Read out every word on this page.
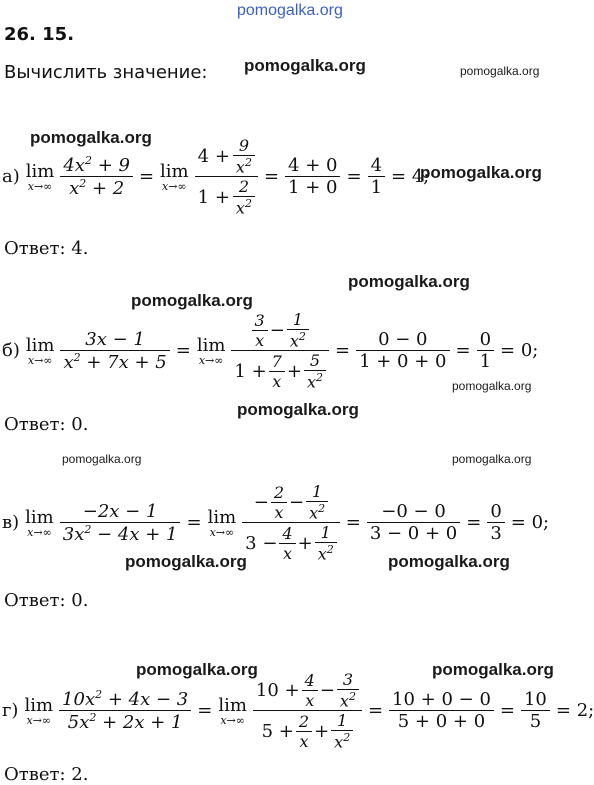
pomogalka.org
pomogalka.org	pomogalka.org
pomogalka.org
pomogalka.org
pomogalka.org
pomogalka.org
pomogalka.org
pomogalka.org
pomogalka.org	pomogalka.org
pomogalka.org	pomogalka.org
pomogalka.org	pomogalka.org
26. 15.
Вычислить значение:
а) lim
$x\to\infty \frac{4x^2 + 9}{x^2 + 2} = \lim$
$x\to\infty \frac{4 + \frac{9}{x^2}}{1 + \frac{2}{x^2}} = \frac{4 + 0}{1 + 0} = \frac{4}{1} = 4$;
Ответ: 4.
б) lim
$x\to\infty \frac{3x - 1}{x^2 + 7x + 5} = \lim$
$x\to\infty \frac{\frac{3}{x} - \frac{1}{x^2}}{1 + \frac{7}{x} + \frac{5}{x^2}} = \frac{0 - 0}{1 + 0 + 0} = \frac{0}{1} = 0$;
Ответ: 0.
в) lim
$x\to\infty \frac{-2x - 1}{3x^2 - 4x + 1} = \lim$
$x\to\infty \frac{- \frac{2}{x} - \frac{1}{x^2}}{3 - \frac{4}{x} + \frac{1}{x^2}} = \frac{-0 - 0}{3 - 0 + 0} = \frac{0}{3} = 0$;
Ответ: 0.
г) lim
$x\to\infty \frac{10x^2 + 4x - 3}{5x^2 + 2x + 1} = \lim$
$x\to\infty \frac{10 + \frac{4}{x} - \frac{3}{x^2}}{5 + \frac{2}{x} + \frac{1}{x^2}} = \frac{10 + 0 - 0}{5 + 0 + 0} = \frac{10}{5} = 2$;
Ответ: 2.
